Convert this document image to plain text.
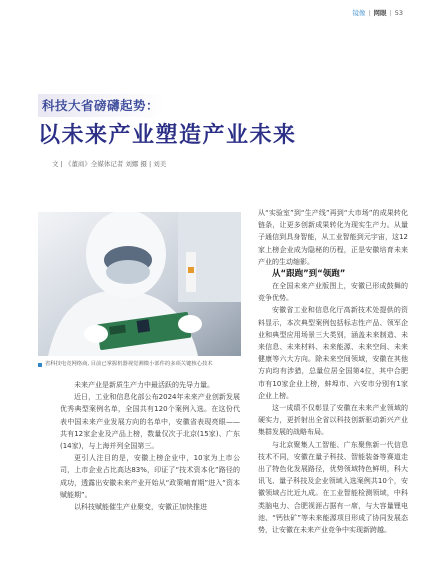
镜像 | 网眼 | 53
科技大省磅礴起势：
以未来产业塑造产业未来
文 | 《董商》全媒体记者 刘娜 摄 | 刘美
省科技电竞网络商, 目前已掌握机器视觉测微小部件的多项关键核心技术

未来产业是新质生产力中最活跃的先导力量。

近日，工业和信息化部公布2024年未来产业创新发展优秀典型案例名单，全国共有120个案例入选。在这份代表中国未来产业发展方向的名单中，安徽省表现亮眼——共有12家企业及产品上榜，数量仅次于北京(15家)、广东(14家)，与上海并列全国第三。

更引人注目的是，安徽上榜企业中，10家为上市公司，上市企业占比高达83%，印证了“技术资本化”路径的成功，透露出安徽未来产业开始从“政策哺育期”进入“资本赋能期”。

以科技赋能催生产业聚变，安徽正加快推进

从“实验室”到“生产线”再到“大市场”的成果转化链条，让更多创新成果转化为现实生产力。从量子通信到具身智能，从工业智能到元宇宙，这12家上榜企业成为隐秘的历程，正是安徽培育未来产业的生动缩影。

从“跟跑”到“领跑”

在全国未来产业版图上，安徽已形成鼓舞的竞争优势。

安徽省工业和信息化厅高新技术处提供的资料显示，本次典型案例包括标志性产品、领军企业和典型应用场景三大类别，涵盖未来制造、未来信息、未来材料、未来能源、未来空间、未来健康等六大方向。除未来空间领域，安徽在其他方向均有涉猎，总量位居全国第4位，其中合肥市有10家企业上榜，蚌埠市、六安市分别有1家企业上榜。

这一成绩不仅彰显了安徽在未来产业领域的硬实力，更折射出全省以科技创新驱动新兴产业集群发展的战略布局。

与北京聚集人工智能、广东聚焦新一代信息技术不同，安徽在量子科技、智能装备等赛道走出了特色化发展路径，优势领域特色鲜明，科大讯飞、量子科技及企业领域入选案例共10个，安徽领域占比近九成。在工业智能检测领域，中科类脑电力、合肥视涯占据有一席，与大容量锂电池、“钙钛矿”等未来能源项目形成了协同发展态势，让安徽在未来产业竞争中实现新跨越。
